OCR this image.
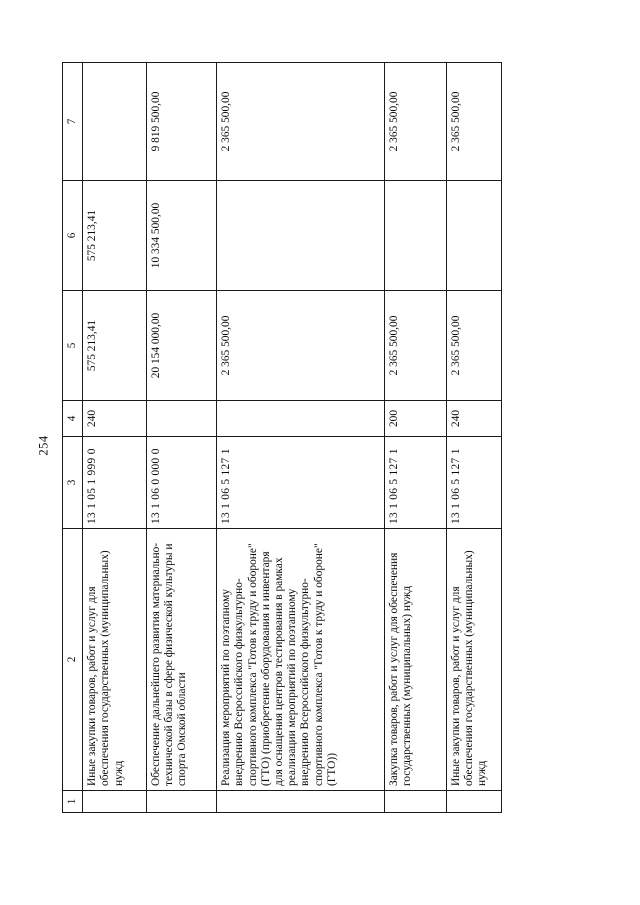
254
1	2	3	4	5	6	7
	Иные закупки товаров, работ и услуг для обеспечения государственных (муниципальных) нужд	13 1 05 1 999 0	240	575 213,41	575 213,41	
	Обеспечение дальнейшего развития материально-технической базы в сфере физической культуры и спорта Омской области	13 1 06 0 000 0		20 154 000,00	10 334 500,00	9 819 500,00
	Реализация мероприятий по поэтапному внедрению Всероссийского физкультурно-спортивного комплекса "Готов к труду и обороне" (ГТО) (приобретение оборудования и инвентаря для оснащения центров тестирования в рамках реализации мероприятий по поэтапному внедрению Всероссийского физкультурно-спортивного комплекса "Готов к труду и обороне" (ГТО))	13 1 06 5 127 1		2 365 500,00		2 365 500,00
	Закупка товаров, работ и услуг для обеспечения государственных (муниципальных) нужд	13 1 06 5 127 1	200	2 365 500,00		2 365 500,00
	Иные закупки товаров, работ и услуг для обеспечения государственных (муниципальных) нужд	13 1 06 5 127 1	240	2 365 500,00		2 365 500,00
